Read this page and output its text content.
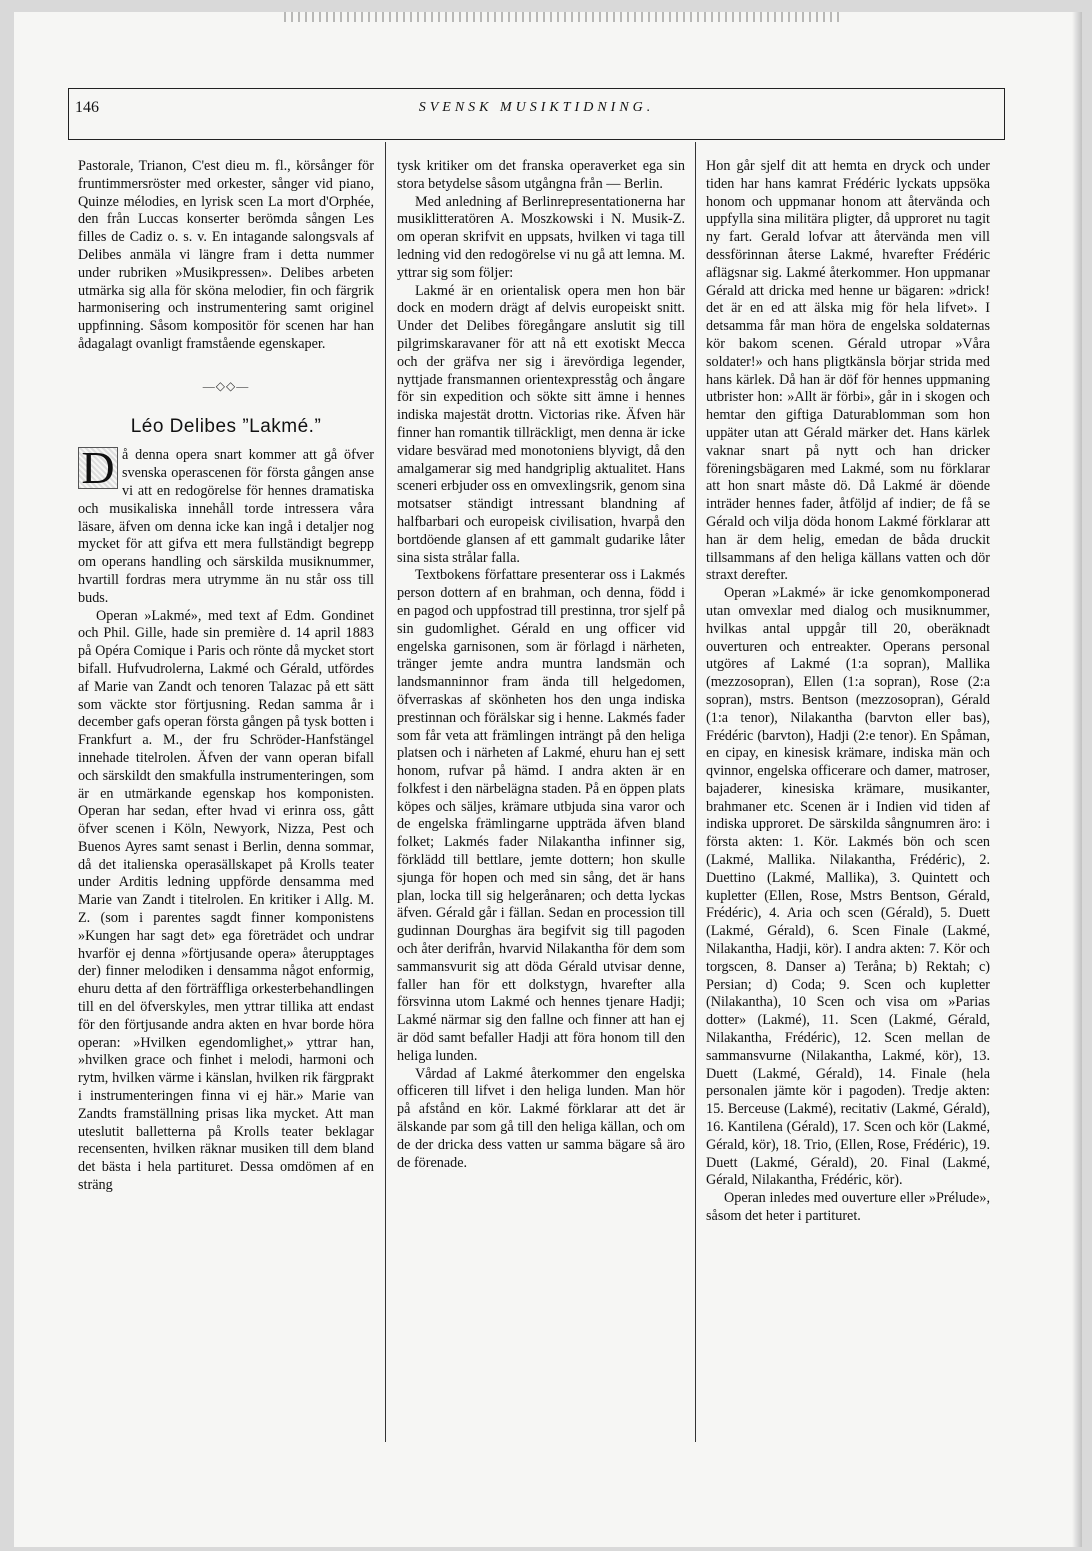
146	SVENSK MUSIKTIDNING.

Pastorale, Trianon, C'est dieu m. fl., körsånger för fruntimmersröster med orkester, sånger vid piano, Quinze mélodies, en lyrisk scen La mort d'Orphée, den från Luccas konserter berömda sången Les filles de Cadiz o. s. v. En intagande salongsvals af Delibes anmäla vi längre fram i detta nummer under rubriken »Musikpressen». Delibes arbeten utmärka sig alla för sköna melodier, fin och färgrik harmonisering och instrumentering samt originel uppfinning. Såsom kompositör för scenen har han ådagalagt ovanligt framstående egenskaper.

—◇◇—
Léo Delibes ”Lakmé.”

D å denna opera snart kommer att gå öfver svenska operascenen för första gången anse vi att en redogörelse för hennes dramatiska och musikaliska innehåll torde intressera våra läsare, äfven om denna icke kan ingå i detaljer nog mycket för att gifva ett mera fullständigt begrepp om operans handling och särskilda musiknummer, hvartill fordras mera utrymme än nu står oss till buds.

Operan »Lakmé», med text af Edm. Gondinet och Phil. Gille, hade sin première d. 14 april 1883 på Opéra Comique i Paris och rönte då mycket stort bifall. Hufvudrolerna, Lakmé och Gérald, utfördes af Marie van Zandt och tenoren Talazac på ett sätt som väckte stor förtjusning. Redan samma år i december gafs operan första gången på tysk botten i Frankfurt a. M., der fru Schröder-Hanfstängel innehade titelrolen. Äfven der vann operan bifall och särskildt den smakfulla instrumenteringen, som är en utmärkande egenskap hos komponisten. Operan har sedan, efter hvad vi erinra oss, gått öfver scenen i Köln, Newyork, Nizza, Pest och Buenos Ayres samt senast i Berlin, denna sommar, då det italienska operasällskapet på Krolls teater under Arditis ledning uppförde densamma med Marie van Zandt i titelrolen. En kritiker i Allg. M. Z. (som i parentes sagdt finner komponistens »Kungen har sagt det» ega företrädet och undrar hvarför ej denna »förtjusande opera» återupptages der) finner melodiken i densamma något enformig, ehuru detta af den förträffliga orkesterbehandlingen till en del öfverskyles, men yttrar tillika att endast för den förtjusande andra akten en hvar borde höra operan: »Hvilken egendomlighet,» yttrar han, »hvilken grace och finhet i melodi, harmoni och rytm, hvilken värme i känslan, hvilken rik färgprakt i instrumenteringen finna vi ej här.» Marie van Zandts framställning prisas lika mycket. Att man uteslutit balletterna på Krolls teater beklagar recensenten, hvilken räknar musiken till dem bland det bästa i hela partituret. Dessa omdömen af en sträng

tysk kritiker om det franska operaverket ega sin stora betydelse såsom utgångna från — Berlin.

Med anledning af Berlinrepresentationerna har musiklitteratören A. Moszkowski i N. Musik-Z. om operan skrifvit en uppsats, hvilken vi taga till ledning vid den redogörelse vi nu gå att lemna. M. yttrar sig som följer:

Lakmé är en orientalisk opera men hon bär dock en modern drägt af delvis europeiskt snitt. Under det Delibes föregångare anslutit sig till pilgrimskaravaner för att nå ett exotiskt Mecca och der gräfva ner sig i ärevördiga legender, nyttjade fransmannen orientexpresståg och ångare för sin expedition och sökte sitt ämne i hennes indiska majestät drottn. Victorias rike. Äfven här finner han romantik tillräckligt, men denna är icke vidare besvärad med monotoniens blyvigt, då den amalgamerar sig med handgriplig aktualitet. Hans sceneri erbjuder oss en omvexlingsrik, genom sina motsatser ständigt intressant blandning af halfbarbari och europeisk civilisation, hvarpå den bortdöende glansen af ett gammalt gudarike låter sina sista strålar falla.

Textbokens författare presenterar oss i Lakmés person dottern af en brahman, och denna, född i en pagod och uppfostrad till prestinna, tror sjelf på sin gudomlighet. Gérald en ung officer vid engelska garnisonen, som är förlagd i närheten, tränger jemte andra muntra landsmän och landsmanninnor fram ända till helgedomen, öfverraskas af skönheten hos den unga indiska prestinnan och förälskar sig i henne. Lakmés fader som får veta att främlingen inträngt på den heliga platsen och i närheten af Lakmé, ehuru han ej sett honom, rufvar på hämd. I andra akten är en folkfest i den närbelägna staden. På en öppen plats köpes och säljes, krämare utbjuda sina varor och de engelska främlingarne uppträda äfven bland folket; Lakmés fader Nilakantha infinner sig, förklädd till bettlare, jemte dottern; hon skulle sjunga för hopen och med sin sång, det är hans plan, locka till sig helgerånaren; och detta lyckas äfven. Gérald går i fällan. Sedan en procession till gudinnan Dourghas ära begifvit sig till pagoden och åter derifrån, hvarvid Nilakantha för dem som sammansvurit sig att döda Gérald utvisar denne, faller han för ett dolkstygn, hvarefter alla försvinna utom Lakmé och hennes tjenare Hadji; Lakmé närmar sig den fallne och finner att han ej är död samt befaller Hadji att föra honom till den heliga lunden.

Vårdad af Lakmé återkommer den engelska officeren till lifvet i den heliga lunden. Man hör på afstånd en kör. Lakmé förklarar att det är älskande par som gå till den heliga källan, och om de der dricka dess vatten ur samma bägare så äro de förenade.

Hon går sjelf dit att hemta en dryck och under tiden har hans kamrat Frédéric lyckats uppsöka honom och uppmanar honom att återvända och uppfylla sina militära pligter, då upproret nu tagit ny fart. Gerald lofvar att återvända men vill dessförinnan återse Lakmé, hvarefter Frédéric aflägsnar sig. Lakmé återkommer. Hon uppmanar Gérald att dricka med henne ur bägaren: »drick! det är en ed att älska mig för hela lifvet». I detsamma får man höra de engelska soldaternas kör bakom scenen. Gérald utropar »Våra soldater!» och hans pligtkänsla börjar strida med hans kärlek. Då han är döf för hennes uppmaning utbrister hon: »Allt är förbi», går in i skogen och hemtar den giftiga Daturablomman som hon uppäter utan att Gérald märker det. Hans kärlek vaknar snart på nytt och han dricker föreningsbägaren med Lakmé, som nu förklarar att hon snart måste dö. Då Lakmé är döende inträder hennes fader, åtföljd af indier; de få se Gérald och vilja döda honom Lakmé förklarar att han är dem helig, emedan de båda druckit tillsammans af den heliga källans vatten och dör straxt derefter.

Operan »Lakmé» är icke genomkomponerad utan omvexlar med dialog och musiknummer, hvilkas antal uppgår till 20, oberäknadt ouverturen och entreakter. Operans personal utgöres af Lakmé (1:a sopran), Mallika (mezzosopran), Ellen (1:a sopran), Rose (2:a sopran), mstrs. Bentson (mezzosopran), Gérald (1:a tenor), Nilakantha (barvton eller bas), Frédéric (barvton), Hadji (2:e tenor). En Spåman, en cipay, en kinesisk krämare, indiska män och qvinnor, engelska officerare och damer, matroser, bajaderer, kinesiska krämare, musikanter, brahmaner etc. Scenen är i Indien vid tiden af indiska upproret. De särskilda sångnumren äro: i första akten: 1. Kör. Lakmés bön och scen (Lakmé, Mallika. Nilakantha, Frédéric), 2. Duettino (Lakmé, Mallika), 3. Quintett och kupletter (Ellen, Rose, Mstrs Bentson, Gérald, Frédéric), 4. Aria och scen (Gérald), 5. Duett (Lakmé, Gérald), 6. Scen Finale (Lakmé, Nilakantha, Hadji, kör). I andra akten: 7. Kör och torgscen, 8. Danser a) Teråna; b) Rektah; c) Persian; d) Coda; 9. Scen och kupletter (Nilakantha), 10 Scen och visa om »Parias dotter» (Lakmé), 11. Scen (Lakmé, Gérald, Nilakantha, Frédéric), 12. Scen mellan de sammansvurne (Nilakantha, Lakmé, kör), 13. Duett (Lakmé, Gérald), 14. Finale (hela personalen jämte kör i pagoden). Tredje akten: 15. Berceuse (Lakmé), recitativ (Lakmé, Gérald), 16. Kantilena (Gérald), 17. Scen och kör (Lakmé, Gérald, kör), 18. Trio, (Ellen, Rose, Frédéric), 19. Duett (Lakmé, Gérald), 20. Final (Lakmé, Gérald, Nilakantha, Frédéric, kör).

Operan inledes med ouverture eller »Prélude», såsom det heter i partituret.
